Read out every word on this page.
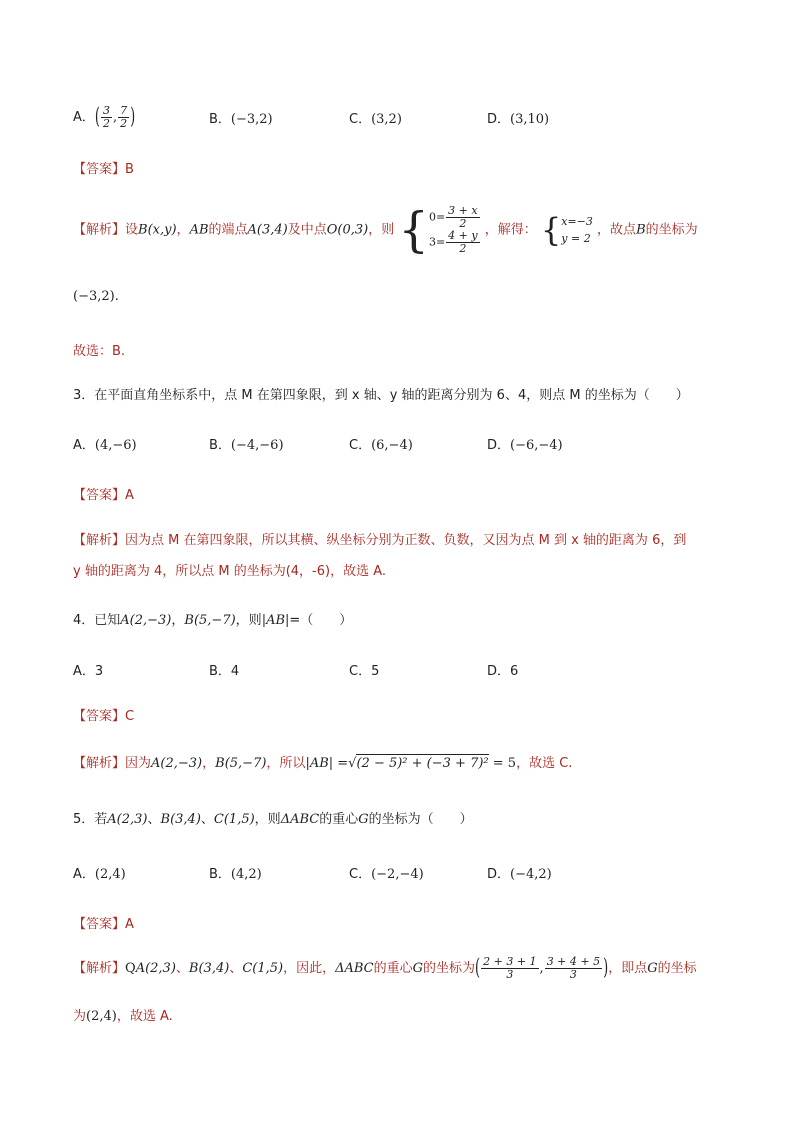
A．( $\frac{3}{2}$ , $\frac{7}{2}$ )	B．(−3,2)	C．(3,2)	D．(3,10)
【答案】B
【解析】设B(x,y)，AB的端点A(3,4)及中点O(0,3)，则 { $0= \frac{3 + x}{2}$
$3= \frac{4 + y}{2}$ ，解得： { x=−3
y = 2
，故点B的坐标为
(−3,2).
故选：B.
3．在平面直角坐标系中，点 M 在第四象限，到 x 轴、y 轴的距离分别为 6、4，则点 M 的坐标为（　　）
A．(4,−6)	B．(−4,−6)	C．(6,−4)	D．(−6,−4)
【答案】A
【解析】因为点 M 在第四象限，所以其横、纵坐标分别为正数、负数，又因为点 M 到 x 轴的距离为 6，到
y 轴的距离为 4，所以点 M 的坐标为(4，-6)，故选 A.
4．已知A(2,−3)，B(5,−7)，则|AB|=（　　）
A．3	B．4	C．5	D．6
【答案】C
【解析】因为A(2,−3)，B(5,−7)，所以|AB| =√(2 − 5)² + (−3 + 7)² = 5，故选 C.
5．若A(2,3)、B(3,4)、C(1,5)，则ΔABC的重心G的坐标为（　　）
A．(2,4)	B．(4,2)	C．(−2,−4)	D．(−4,2)
【答案】A
【解析】QA(2,3)、B(3,4)、C(1,5)，因此，ΔABC的重心G的坐标为( $\frac{2 + 3 + 1}{3}$ , $\frac{3 + 4 + 5}{3}$ )，即点G的坐标
为(2,4)，故选 A.
